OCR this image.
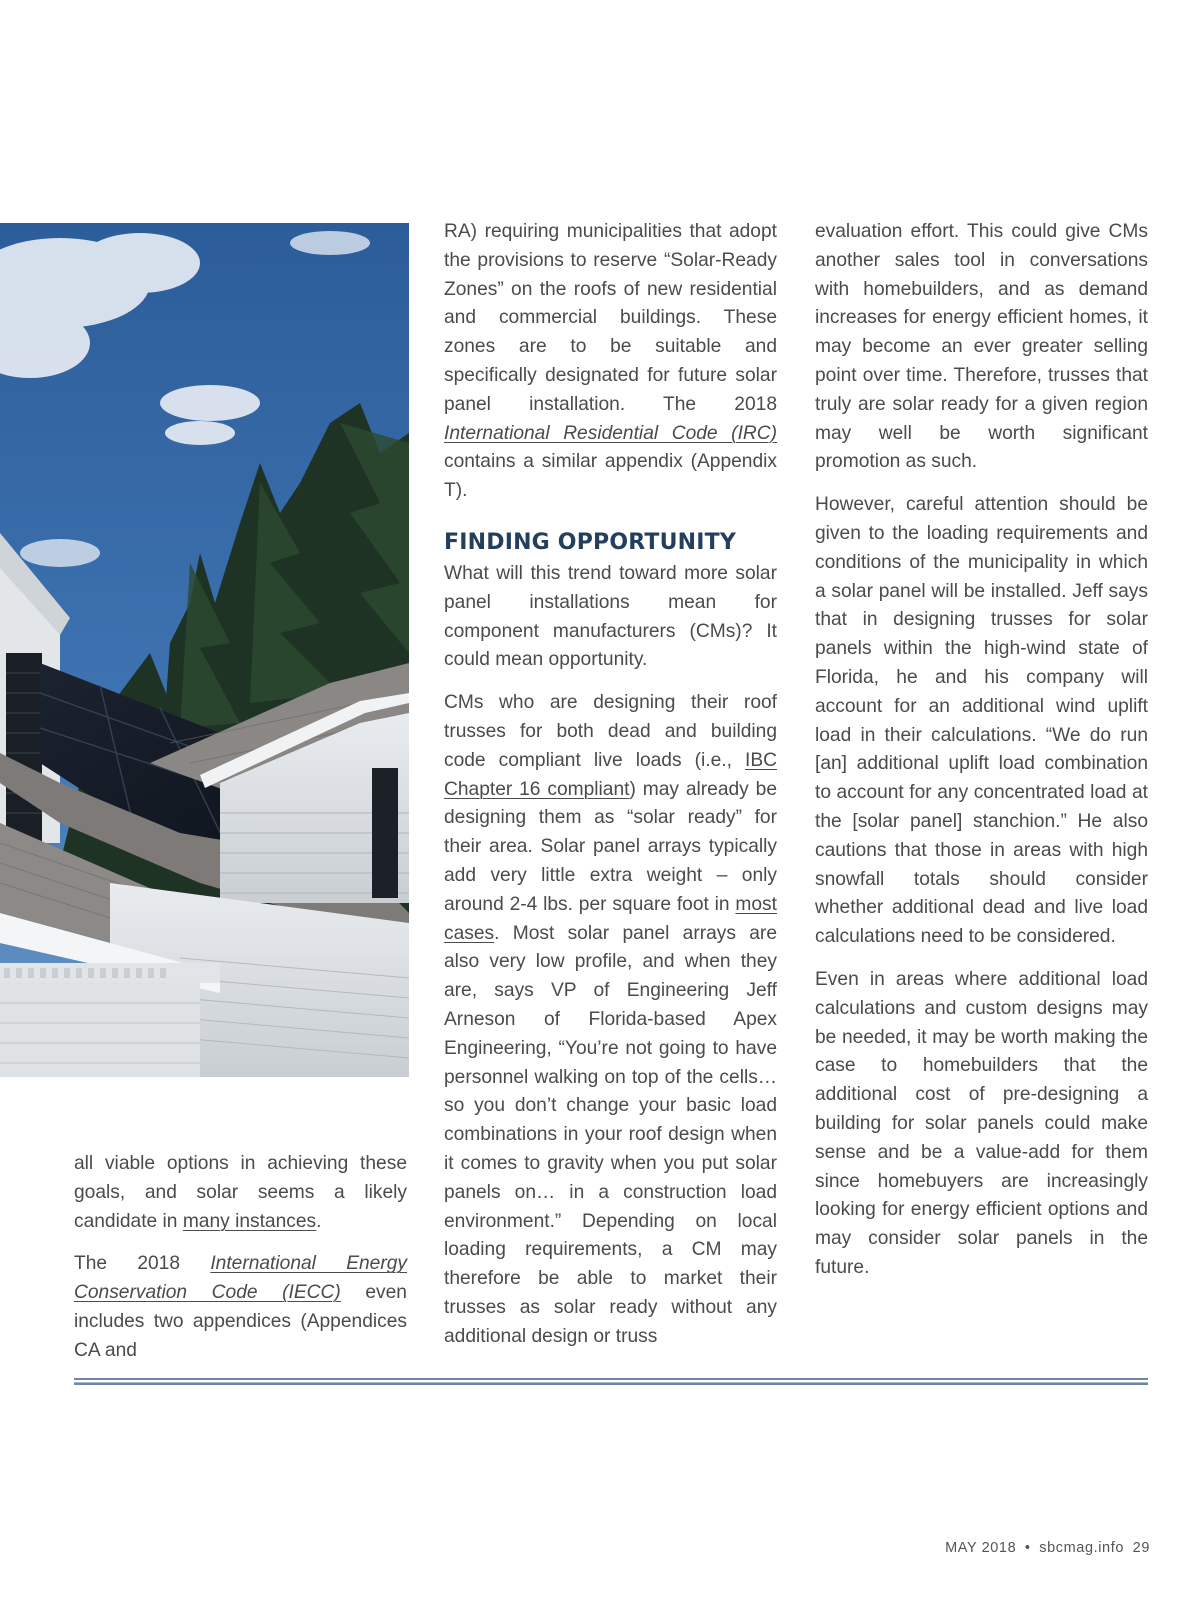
all viable options in achieving these goals, and solar seems a likely candidate in many instances.

The 2018 International Energy Conservation Code (IECC) even includes two appendices (Appendices CA and

RA) requiring municipalities that adopt the provisions to reserve “Solar-Ready Zones” on the roofs of new residential and commercial buildings. These zones are to be suitable and specifically designated for future solar panel installation. The 2018 International Residential Code (IRC) contains a similar appendix (Appendix T).

FINDING OPPORTUNITY

What will this trend toward more solar panel installations mean for component manufacturers (CMs)? It could mean opportunity.

CMs who are designing their roof trusses for both dead and building code compliant live loads (i.e., IBC Chapter 16 compliant) may already be designing them as “solar ready” for their area. Solar panel arrays typically add very little extra weight – only around 2-4 lbs. per square foot in most cases. Most solar panel arrays are also very low profile, and when they are, says VP of Engineering Jeff Arneson of Florida-based Apex Engineering, “You’re not going to have personnel walking on top of the cells…so you don’t change your basic load combinations in your roof design when it comes to gravity when you put solar panels on… in a construction load environment.” Depending on local loading requirements, a CM may therefore be able to market their trusses as solar ready without any additional design or truss

evaluation effort. This could give CMs another sales tool in conversations with homebuilders, and as demand increases for energy efficient homes, it may become an ever greater selling point over time. Therefore, trusses that truly are solar ready for a given region may well be worth significant promotion as such.

However, careful attention should be given to the loading requirements and conditions of the municipality in which a solar panel will be installed. Jeff says that in designing trusses for solar panels within the high-wind state of Florida, he and his company will account for an additional wind uplift load in their calculations. “We do run [an] additional uplift load combination to account for any concentrated load at the [solar panel] stanchion.” He also cautions that those in areas with high snowfall totals should consider whether additional dead and live load calculations need to be considered.

Even in areas where additional load calculations and custom designs may be needed, it may be worth making the case to homebuilders that the additional cost of pre-designing a building for solar panels could make sense and be a value-add for them since homebuyers are increasingly looking for energy efficient options and may consider solar panels in the future.

MAY 2018 • sbcmag.info 29
